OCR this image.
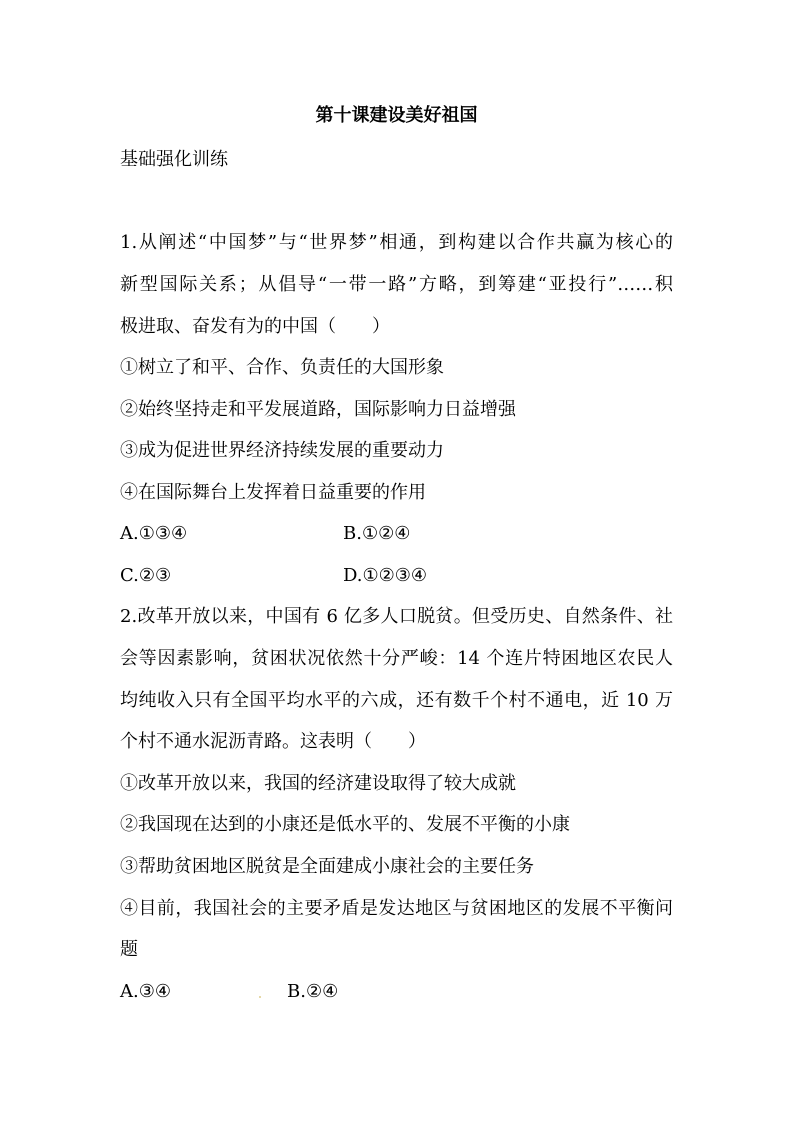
第十课建设美好祖国
基础强化训练
1.从阐述“中国梦”与“世界梦”相通，到构建以合作共赢为核心的
新型国际关系；从倡导“一带一路”方略，到筹建“亚投行”……积
极进取、奋发有为的中国（　　）
①树立了和平、合作、负责任的大国形象
②始终坚持走和平发展道路，国际影响力日益增强
③成为促进世界经济持续发展的重要动力
④在国际舞台上发挥着日益重要的作用
A.①③④	B.①②④
C.②③	D.①②③④
2.改革开放以来，中国有 6 亿多人口脱贫。但受历史、自然条件、社
会等因素影响，贫困状况依然十分严峻：14 个连片特困地区农民人
均纯收入只有全国平均水平的六成，还有数千个村不通电，近 10 万
个村不通水泥沥青路。这表明（　　）
①改革开放以来，我国的经济建设取得了较大成就
②我国现在达到的小康还是低水平的、发展不平衡的小康
③帮助贫困地区脱贫是全面建成小康社会的主要任务
④目前，我国社会的主要矛盾是发达地区与贫困地区的发展不平衡问
题
A.③④	B.②④
